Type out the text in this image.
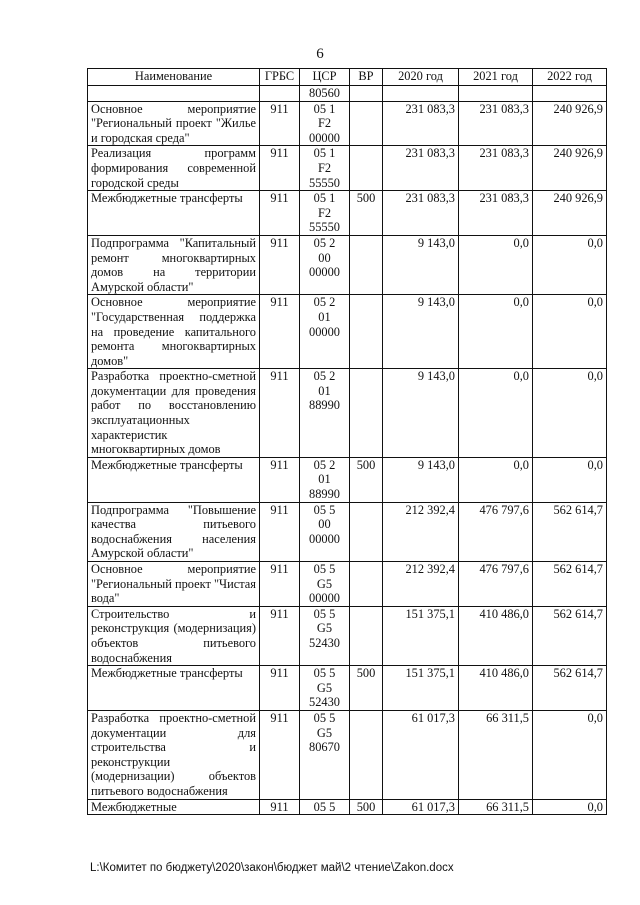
6
Наименование	ГРБС	ЦСР	ВР	2020 год	2021 год	2022 год

		80560				

Основное мероприятие "Региональный проект "Жилье и городская среда"	911	05 1
F2
00000		231 083,3	231 083,3	240 926,9
Реализация программ формирования современной городской среды	911	05 1
F2
55550		231 083,3	231 083,3	240 926,9
Межбюджетные трансферты	911	05 1
F2
55550	500	231 083,3	231 083,3	240 926,9
Подпрограмма "Капитальный ремонт многоквартирных домов на территории Амурской области"	911	05 2
00
00000		9 143,0	0,0	0,0
Основное мероприятие "Государственная поддержка на проведение капитального ремонта многоквартирных домов"	911	05 2
01
00000		9 143,0	0,0	0,0
Разработка проектно-сметной документации для проведения работ по восстановлению эксплуатационных характеристик многоквартирных домов	911	05 2
01
88990		9 143,0	0,0	0,0
Межбюджетные трансферты	911	05 2
01
88990	500	9 143,0	0,0	0,0
Подпрограмма "Повышение качества питьевого водоснабжения населения Амурской области"	911	05 5
00
00000		212 392,4	476 797,6	562 614,7
Основное мероприятие "Региональный проект "Чистая вода"	911	05 5
G5
00000		212 392,4	476 797,6	562 614,7
Строительство и реконструкция (модернизация) объектов питьевого водоснабжения	911	05 5
G5
52430		151 375,1	410 486,0	562 614,7
Межбюджетные трансферты	911	05 5
G5
52430	500	151 375,1	410 486,0	562 614,7
Разработка проектно-сметной документации для строительства и реконструкции (модернизации) объектов питьевого водоснабжения	911	05 5
G5
80670		61 017,3	66 311,5	0,0
Межбюджетные	911	05 5	500	61 017,3	66 311,5	0,0
L:\Комитет по бюджету\2020\закон\бюджет май\2 чтение\Zakon.docx
